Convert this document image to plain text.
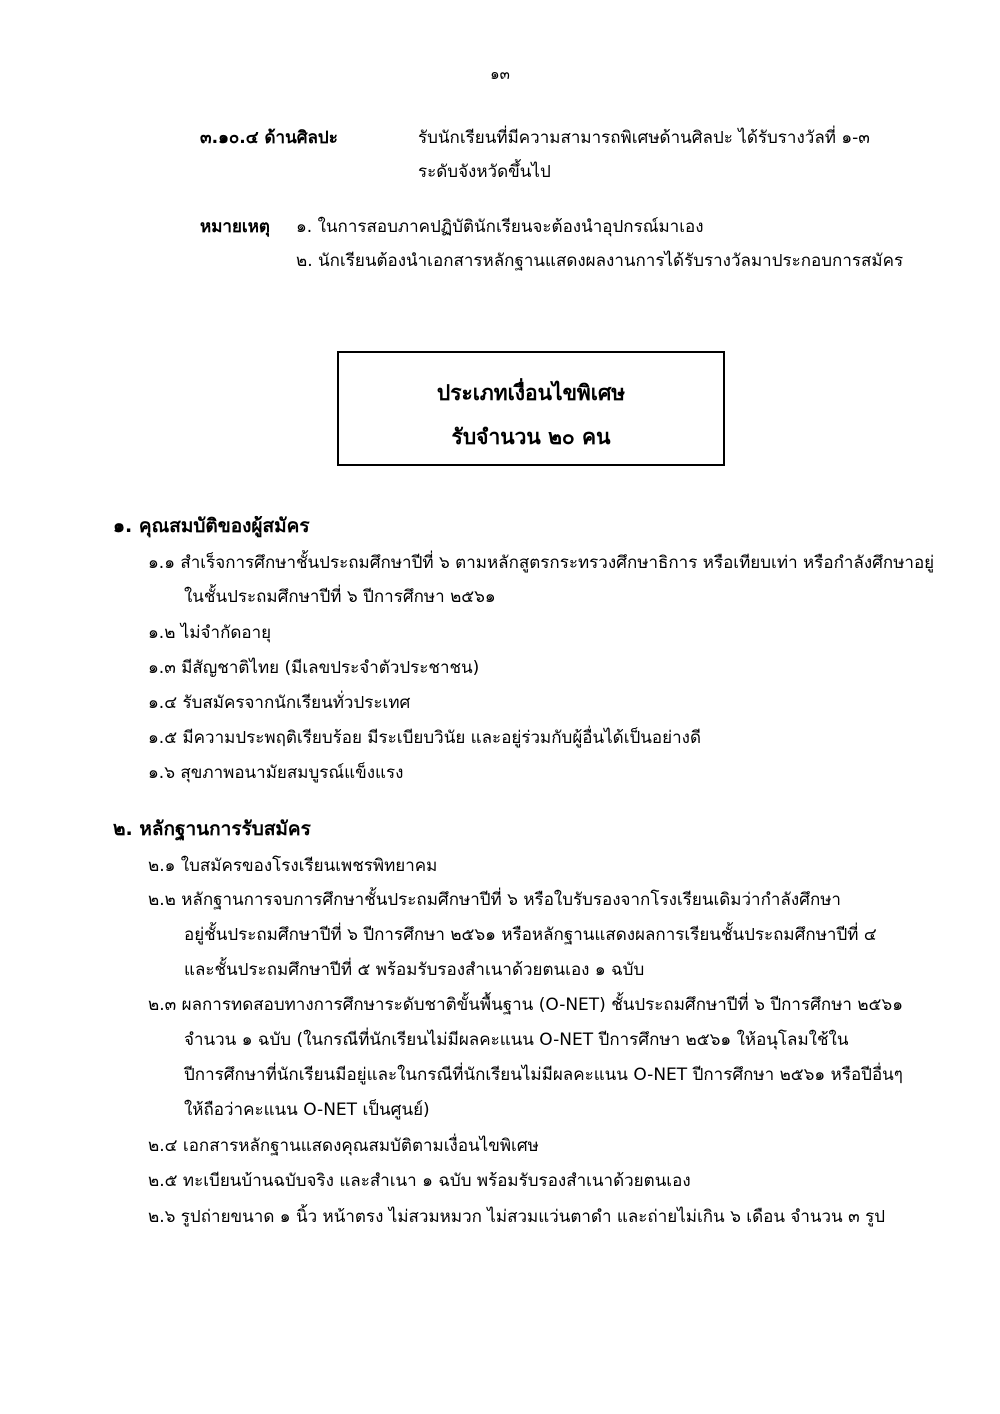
๑๓
๓.๑๐.๔ ด้านศิลปะ	รับนักเรียนที่มีความสามารถพิเศษด้านศิลปะ ได้รับรางวัลที่ ๑-๓
ระดับจังหวัดขึ้นไป
หมายเหตุ ๑. ในการสอบภาคปฏิบัตินักเรียนจะต้องนำอุปกรณ์มาเอง
๒. นักเรียนต้องนำเอกสารหลักฐานแสดงผลงานการได้รับรางวัลมาประกอบการสมัคร
ประเภทเงื่อนไขพิเศษ
รับจำนวน ๒๐ คน
๑. คุณสมบัติของผู้สมัคร
๑.๑ สำเร็จการศึกษาชั้นประถมศึกษาปีที่ ๖ ตามหลักสูตรกระทรวงศึกษาธิการ หรือเทียบเท่า หรือกำลังศึกษาอยู่
ในชั้นประถมศึกษาปีที่ ๖ ปีการศึกษา ๒๕๖๑
๑.๒ ไม่จำกัดอายุ
๑.๓ มีสัญชาติไทย (มีเลขประจำตัวประชาชน)
๑.๔ รับสมัครจากนักเรียนทั่วประเทศ
๑.๕ มีความประพฤติเรียบร้อย มีระเบียบวินัย และอยู่ร่วมกับผู้อื่นได้เป็นอย่างดี
๑.๖ สุขภาพอนามัยสมบูรณ์แข็งแรง
๒. หลักฐานการรับสมัคร
๒.๑ ใบสมัครของโรงเรียนเพชรพิทยาคม
๒.๒ หลักฐานการจบการศึกษาชั้นประถมศึกษาปีที่ ๖ หรือใบรับรองจากโรงเรียนเดิมว่ากำลังศึกษา
อยู่ชั้นประถมศึกษาปีที่ ๖ ปีการศึกษา ๒๕๖๑ หรือหลักฐานแสดงผลการเรียนชั้นประถมศึกษาปีที่ ๔
และชั้นประถมศึกษาปีที่ ๕ พร้อมรับรองสำเนาด้วยตนเอง ๑ ฉบับ
๒.๓ ผลการทดสอบทางการศึกษาระดับชาติขั้นพื้นฐาน (O-NET) ชั้นประถมศึกษาปีที่ ๖ ปีการศึกษา ๒๕๖๑
จำนวน ๑ ฉบับ (ในกรณีที่นักเรียนไม่มีผลคะแนน O-NET ปีการศึกษา ๒๕๖๑ ให้อนุโลมใช้ใน
ปีการศึกษาที่นักเรียนมีอยู่และในกรณีที่นักเรียนไม่มีผลคะแนน O-NET ปีการศึกษา ๒๕๖๑ หรือปีอื่นๆ
ให้ถือว่าคะแนน O-NET เป็นศูนย์)
๒.๔ เอกสารหลักฐานแสดงคุณสมบัติตามเงื่อนไขพิเศษ
๒.๕ ทะเบียนบ้านฉบับจริง และสำเนา ๑ ฉบับ พร้อมรับรองสำเนาด้วยตนเอง
๒.๖ รูปถ่ายขนาด ๑ นิ้ว หน้าตรง ไม่สวมหมวก ไม่สวมแว่นตาดำ และถ่ายไม่เกิน ๖ เดือน จำนวน ๓ รูป
